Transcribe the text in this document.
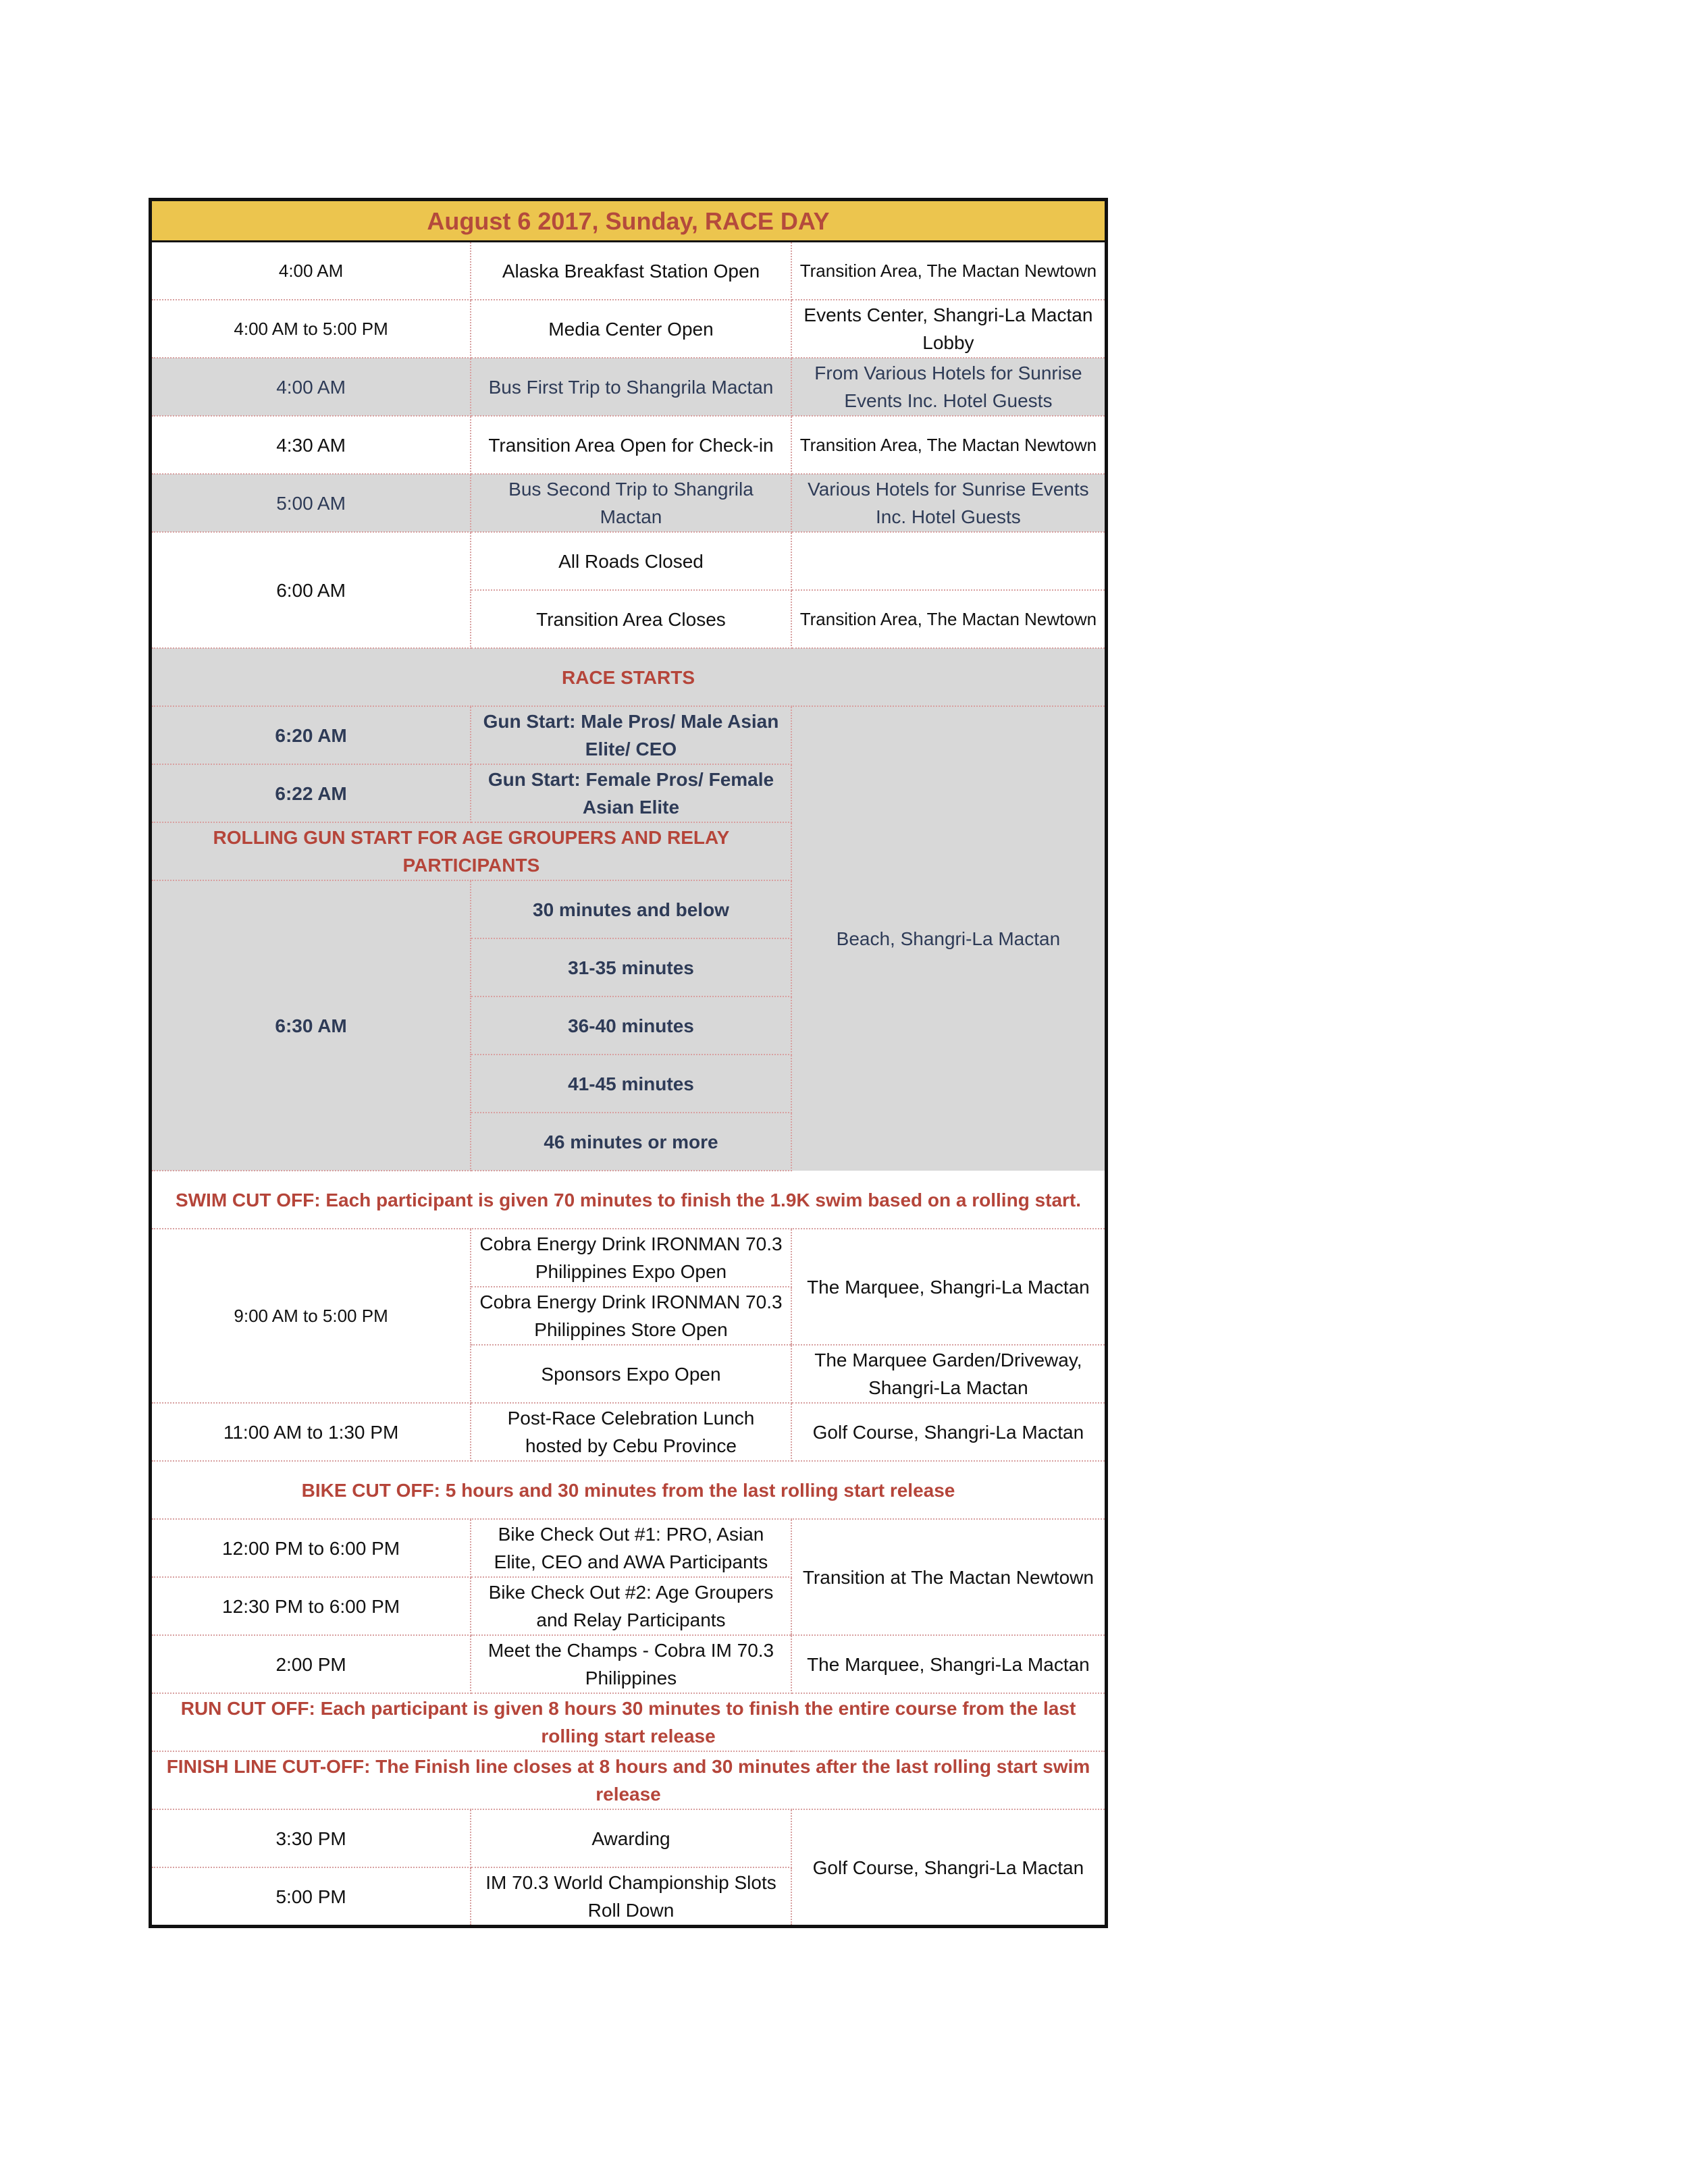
August 6 2017, Sunday, RACE DAY		
4:00 AM	Alaska Breakfast Station Open	Transition Area, The Mactan Newtown
4:00 AM to 5:00 PM	Media Center Open	Events Center, Shangri-La Mactan Lobby
4:00 AM	Bus First Trip to Shangrila Mactan	From Various Hotels for Sunrise Events Inc. Hotel Guests
4:30 AM	Transition Area Open for Check-in	Transition Area, The Mactan Newtown
5:00 AM	Bus Second Trip to Shangrila Mactan	Various Hotels for Sunrise Events Inc. Hotel Guests
6:00 AM	All Roads Closed	
	Transition Area Closes	Transition Area, The Mactan Newtown
RACE STARTS		
6:20 AM	Gun Start: Male Pros/ Male Asian Elite/ CEO	Beach, Shangri-La Mactan
6:22 AM	Gun Start: Female Pros/ Female Asian Elite	
ROLLING GUN START FOR AGE GROUPERS AND RELAY PARTICIPANTS		
6:30 AM	30 minutes and below	
	31-35 minutes	
	36-40 minutes	
	41-45 minutes	
	46 minutes or more	
SWIM CUT OFF: Each participant is given 70 minutes to finish the 1.9K swim based on a rolling start.		
9:00 AM to 5:00 PM	Cobra Energy Drink IRONMAN 70.3 Philippines Expo Open	The Marquee, Shangri-La Mactan
	Cobra Energy Drink IRONMAN 70.3 Philippines Store Open	
	Sponsors Expo Open	The Marquee Garden/Driveway, Shangri-La Mactan
11:00 AM to 1:30 PM	Post-Race Celebration Lunch hosted by Cebu Province	Golf Course, Shangri-La Mactan
BIKE CUT OFF: 5 hours and 30 minutes from the last rolling start release		
12:00 PM to 6:00 PM	Bike Check Out #1: PRO, Asian Elite, CEO and AWA Participants	Transition at The Mactan Newtown
12:30 PM to 6:00 PM	Bike Check Out #2: Age Groupers and Relay Participants	
2:00 PM	Meet the Champs - Cobra IM 70.3 Philippines	The Marquee, Shangri-La Mactan
RUN CUT OFF: Each participant is given 8 hours 30 minutes to finish the entire course from the last rolling start release		
FINISH LINE CUT-OFF: The Finish line closes at 8 hours and 30 minutes after the last rolling start swim release		
3:30 PM	Awarding	Golf Course, Shangri-La Mactan
5:00 PM	IM 70.3 World Championship Slots Roll Down	
